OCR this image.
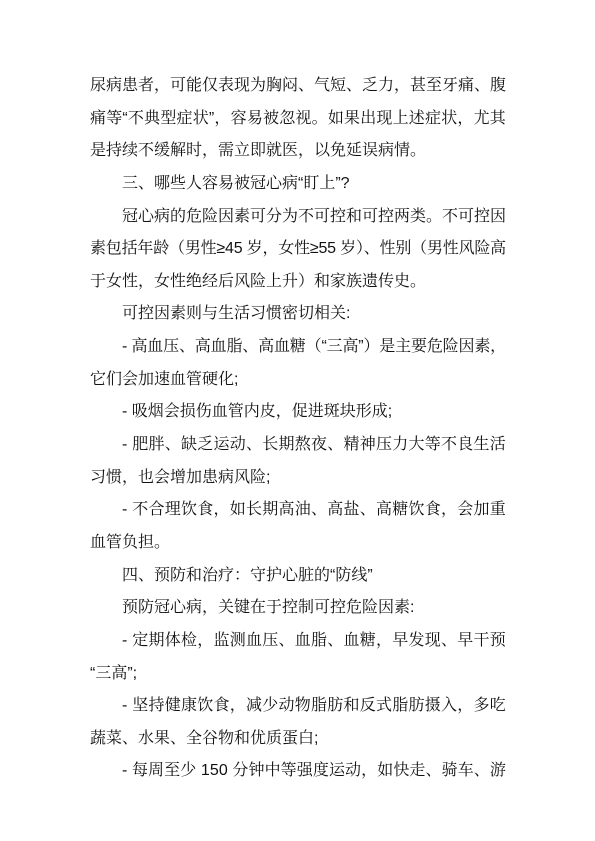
尿病患者，可能仅表现为胸闷、气短、乏力，甚至牙痛、腹
痛等“不典型症状”，容易被忽视。如果出现上述症状，尤其
是持续不缓解时，需立即就医，以免延误病情。
三、哪些人容易被冠心病“盯上”?
冠心病的危险因素可分为不可控和可控两类。不可控因
素包括年龄（男性≥45 岁，女性≥55 岁）、性别（男性风险高
于女性，女性绝经后风险上升）和家族遗传史。
可控因素则与生活习惯密切相关:
- 高血压、高血脂、高血糖（“三高”）是主要危险因素，
它们会加速血管硬化;
- 吸烟会损伤血管内皮，促进斑块形成;
- 肥胖、缺乏运动、长期熬夜、精神压力大等不良生活
习惯，也会增加患病风险;
- 不合理饮食，如长期高油、高盐、高糖饮食，会加重
血管负担。
四、预防和治疗：守护心脏的“防线”
预防冠心病，关键在于控制可控危险因素:
- 定期体检，监测血压、血脂、血糖，早发现、早干预
“三高”;
- 坚持健康饮食，减少动物脂肪和反式脂肪摄入，多吃
蔬菜、水果、全谷物和优质蛋白;
- 每周至少 150 分钟中等强度运动，如快走、骑车、游
